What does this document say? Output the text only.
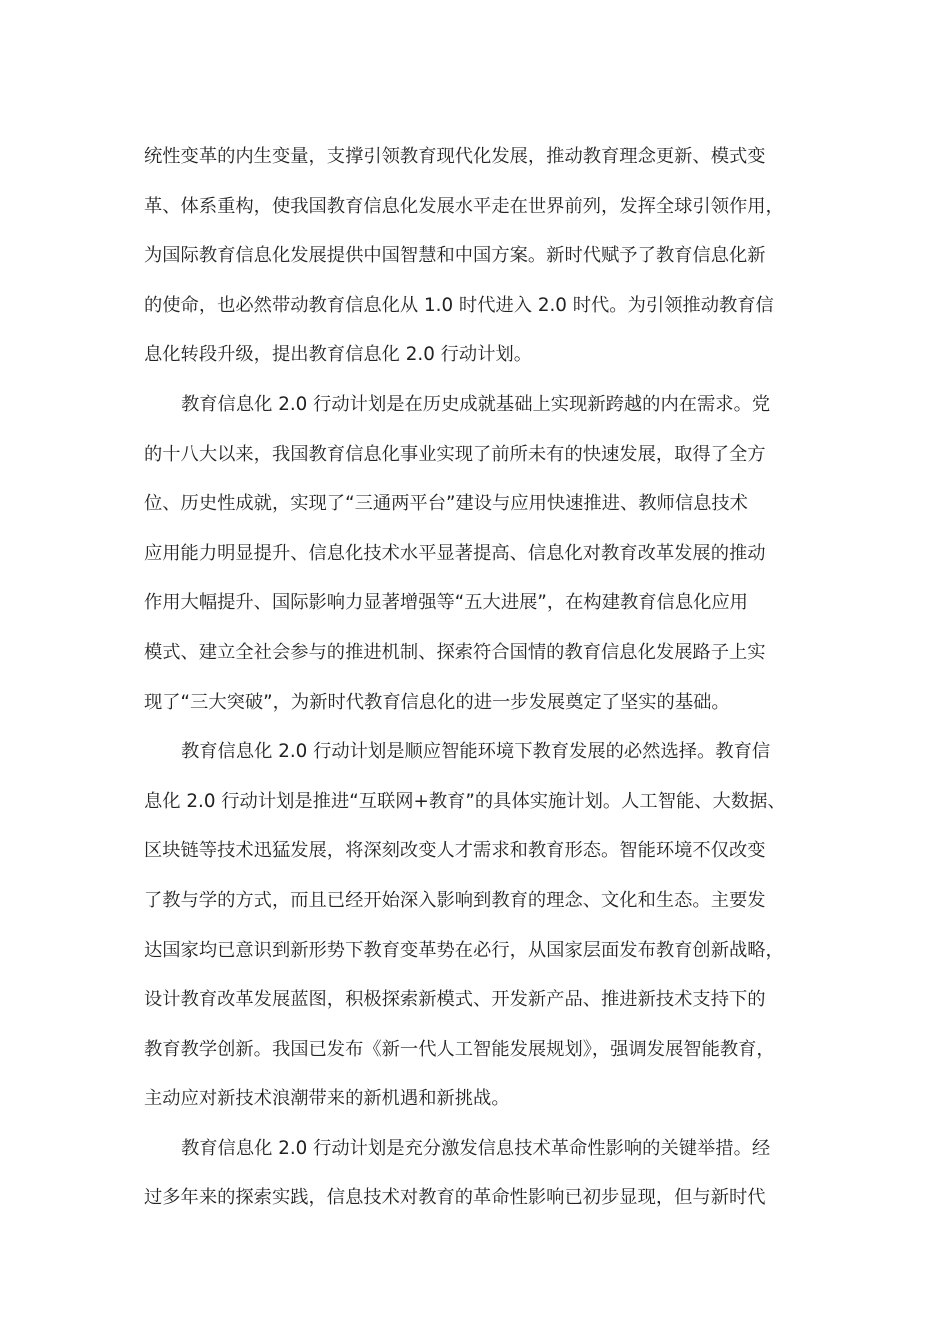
统性变革的内生变量，支撑引领教育现代化发展，推动教育理念更新、模式变
革、体系重构，使我国教育信息化发展水平走在世界前列，发挥全球引领作用，
为国际教育信息化发展提供中国智慧和中国方案。新时代赋予了教育信息化新
的使命，也必然带动教育信息化从 1.0 时代进入 2.0 时代。为引领推动教育信
息化转段升级，提出教育信息化 2.0 行动计划。
教育信息化 2.0 行动计划是在历史成就基础上实现新跨越的内在需求。党
的十八大以来，我国教育信息化事业实现了前所未有的快速发展，取得了全方
位、历史性成就，实现了“三通两平台”建设与应用快速推进、教师信息技术
应用能力明显提升、信息化技术水平显著提高、信息化对教育改革发展的推动
作用大幅提升、国际影响力显著增强等“五大进展”，在构建教育信息化应用
模式、建立全社会参与的推进机制、探索符合国情的教育信息化发展路子上实
现了“三大突破”，为新时代教育信息化的进一步发展奠定了坚实的基础。
教育信息化 2.0 行动计划是顺应智能环境下教育发展的必然选择。教育信
息化 2.0 行动计划是推进“互联网+教育”的具体实施计划。人工智能、大数据、
区块链等技术迅猛发展，将深刻改变人才需求和教育形态。智能环境不仅改变
了教与学的方式，而且已经开始深入影响到教育的理念、文化和生态。主要发
达国家均已意识到新形势下教育变革势在必行，从国家层面发布教育创新战略，
设计教育改革发展蓝图，积极探索新模式、开发新产品、推进新技术支持下的
教育教学创新。我国已发布《新一代人工智能发展规划》，强调发展智能教育，
主动应对新技术浪潮带来的新机遇和新挑战。
教育信息化 2.0 行动计划是充分激发信息技术革命性影响的关键举措。经
过多年来的探索实践，信息技术对教育的革命性影响已初步显现，但与新时代
